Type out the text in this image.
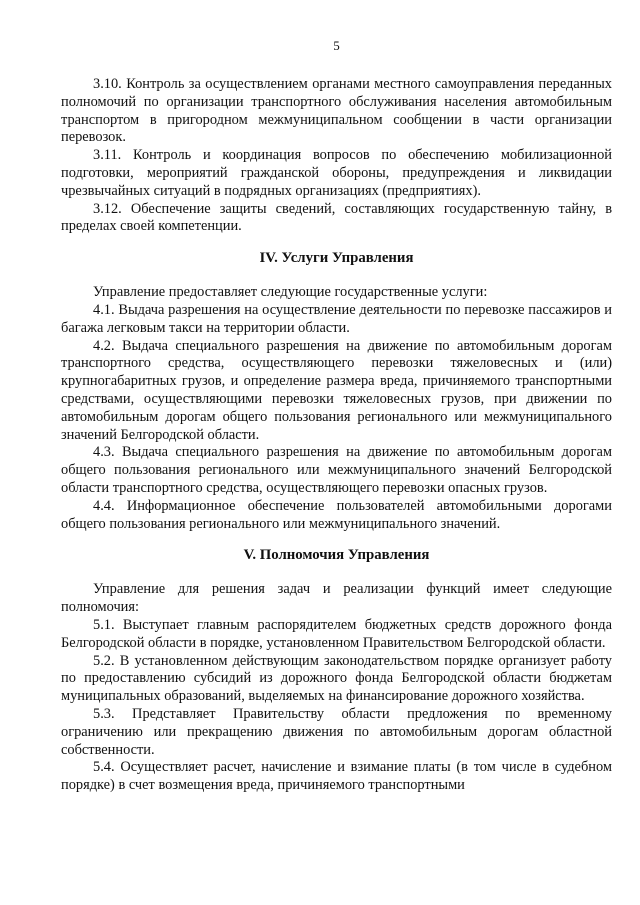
5

3.10. Контроль за осуществлением органами местного самоуправления переданных полномочий по организации транспортного обслуживания населения автомобильным транспортом в пригородном межмуниципальном сообщении в части организации перевозок.

3.11. Контроль и координация вопросов по обеспечению мобилизационной подготовки, мероприятий гражданской обороны, предупреждения и ликвидации чрезвычайных ситуаций в подрядных организациях (предприятиях).

3.12. Обеспечение защиты сведений, составляющих государственную тайну, в пределах своей компетенции.

IV. Услуги Управления

Управление предоставляет следующие государственные услуги:

4.1. Выдача разрешения на осуществление деятельности по перевозке пассажиров и багажа легковым такси на территории области.

4.2. Выдача специального разрешения на движение по автомобильным дорогам транспортного средства, осуществляющего перевозки тяжеловесных и (или) крупногабаритных грузов, и определение размера вреда, причиняемого транспортными средствами, осуществляющими перевозки тяжеловесных грузов, при движении по автомобильным дорогам общего пользования регионального или межмуниципального значений Белгородской области.

4.3. Выдача специального разрешения на движение по автомобильным дорогам общего пользования регионального или межмуниципального значений Белгородской области транспортного средства, осуществляющего перевозки опасных грузов.

4.4. Информационное обеспечение пользователей автомобильными дорогами общего пользования регионального или межмуниципального значений.

V. Полномочия Управления

Управление для решения задач и реализации функций имеет следующие полномочия:

5.1. Выступает главным распорядителем бюджетных средств дорожного фонда Белгородской области в порядке, установленном Правительством Белгородской области.

5.2. В установленном действующим законодательством порядке организует работу по предоставлению субсидий из дорожного фонда Белгородской области бюджетам муниципальных образований, выделяемых на финансирование дорожного хозяйства.

5.3. Представляет Правительству области предложения по временному ограничению или прекращению движения по автомобильным дорогам областной собственности.

5.4. Осуществляет расчет, начисление и взимание платы (в том числе в судебном порядке) в счет возмещения вреда, причиняемого транспортными
